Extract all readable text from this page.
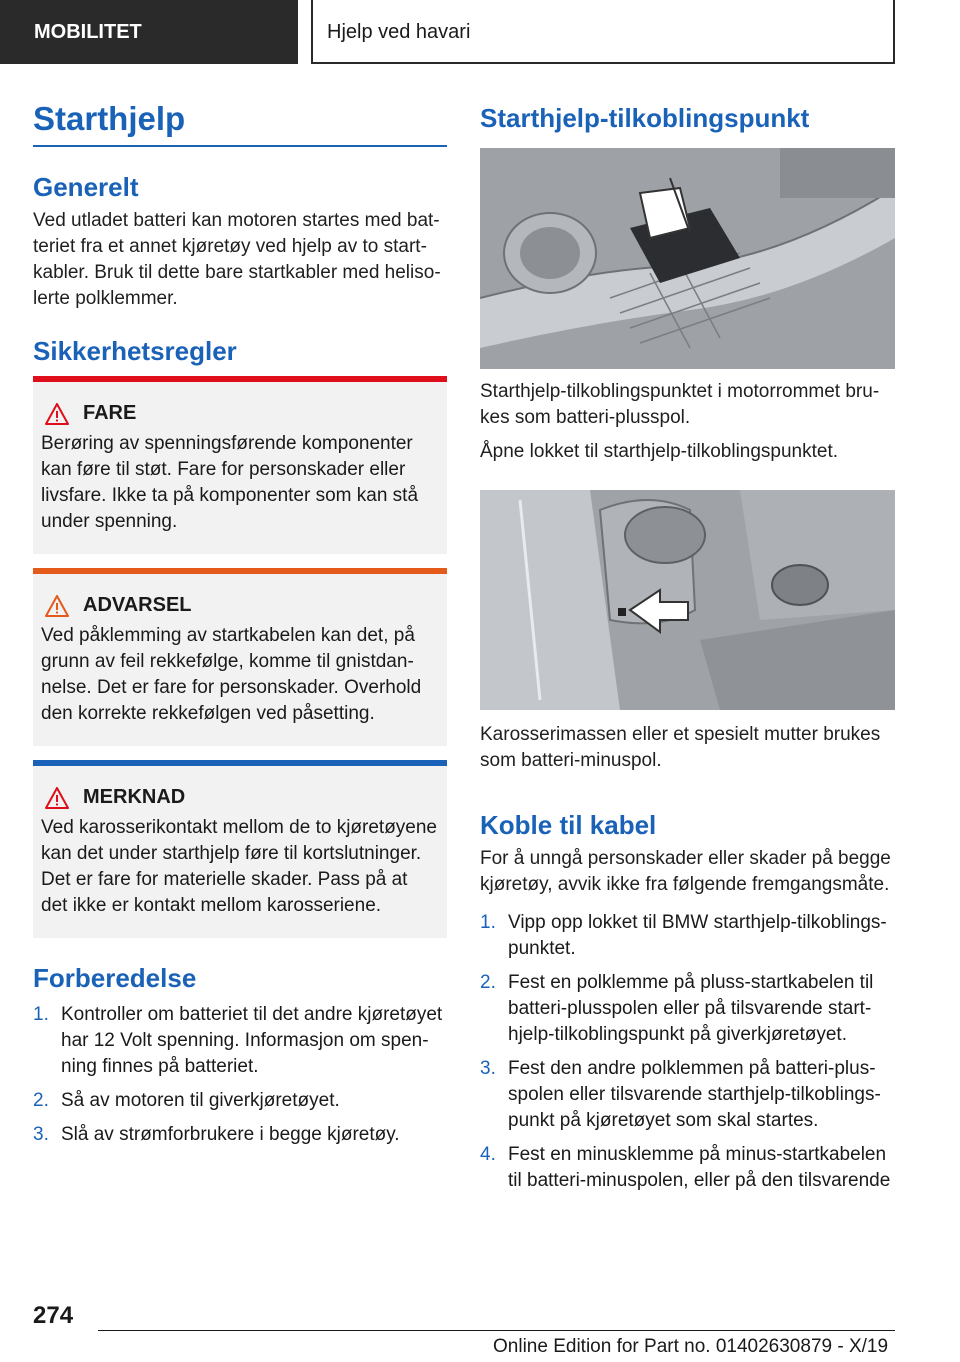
MOBILITET	Hjelp ved havari
Starthjelp
Generelt

Ved utladet batteri kan motoren startes med batteriet fra et annet kjøretøy ved hjelp av to startkabler. Bruk til dette bare startkabler med helisolerte polklemmer.

Sikkerhetsregler
FARE

Berøring av spenningsførende komponenter kan føre til støt. Fare for personskader eller livsfare. Ikke ta på komponenter som kan stå under spenning.

ADVARSEL

Ved påklemming av startkabelen kan det, på grunn av feil rekkefølge, komme til gnistdannelse. Det er fare for personskader. Overhold den korrekte rekkefølgen ved påsetting.

MERKNAD

Ved karosserikontakt mellom de to kjøretøyene kan det under starthjelp føre til kortslutninger. Det er fare for materielle skader. Pass på at det ikke er kontakt mellom karosseriene.

Forberedelse
1. Kontroller om batteriet til det andre kjøretøyet har 12 Volt spenning. Informasjon om spenning finnes på batteriet.
2. Så av motoren til giverkjøretøyet.
3. Slå av strømforbrukere i begge kjøretøy.
Starthjelp-tilkoblingspunkt

Starthjelp-tilkoblingspunktet i motorrommet brukes som batteri-plusspol.

Åpne lokket til starthjelp-tilkoblingspunktet.

Karosserimassen eller et spesielt mutter brukes som batteri-minuspol.

Koble til kabel

For å unngå personskader eller skader på begge kjøretøy, avvik ikke fra følgende fremgangsmåte.

1. Vipp opp lokket til BMW starthjelp-tilkoblingspunktet.
2. Fest en polklemme på pluss-startkabelen til batteri-plusspolen eller på tilsvarende starthjelp-tilkoblingspunkt på giverkjøretøyet.
3. Fest den andre polklemmen på batteri-plusspolen eller tilsvarende starthjelp-tilkoblingspunkt på kjøretøyet som skal startes.
4. Fest en minusklemme på minus-startkabelen til batteri-minuspolen, eller på den tilsvarende
274
Online Edition for Part no. 01402630879 - X/19
